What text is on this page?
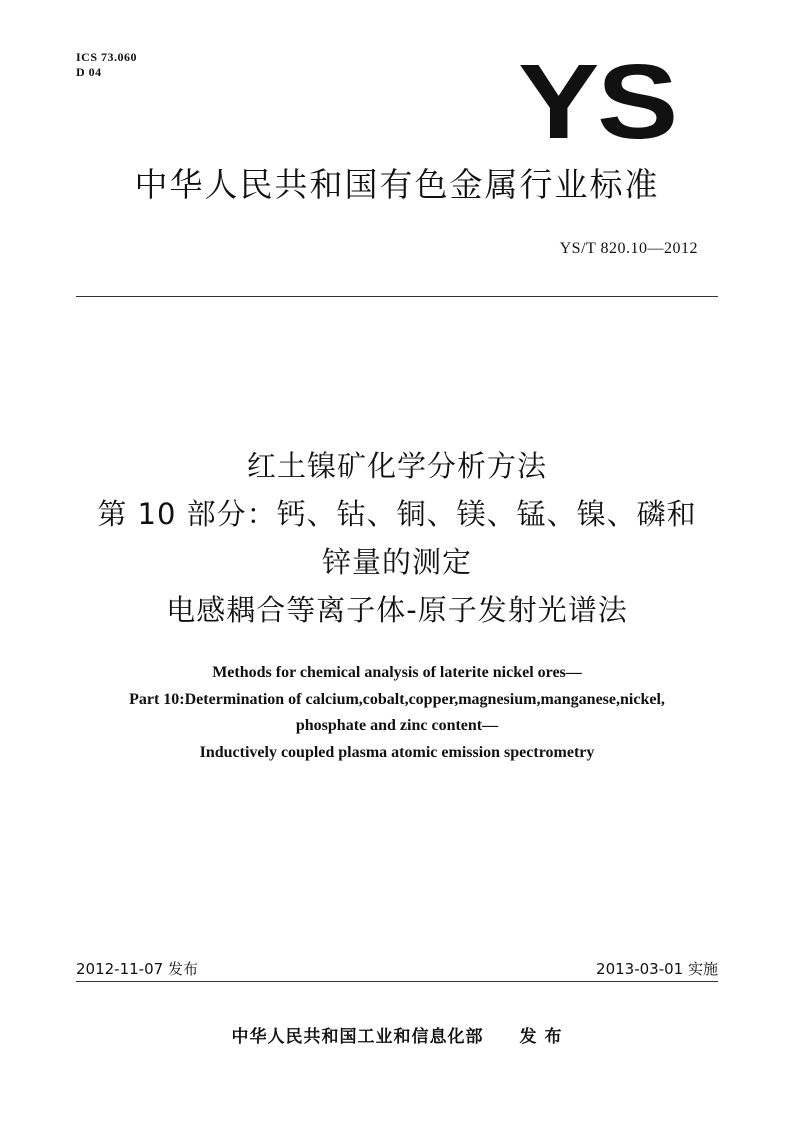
ICS 73.060
D 04	YS
中华人民共和国有色金属行业标准
YS/T 820.10—2012
红土镍矿化学分析方法
第 10 部分：钙、钴、铜、镁、锰、镍、磷和
锌量的测定
电感耦合等离子体-原子发射光谱法
Methods for chemical analysis of laterite nickel ores—
Part 10:Determination of calcium,cobalt,copper,magnesium,manganese,nickel,
phosphate and zinc content—
Inductively coupled plasma atomic emission spectrometry
2012-11-07 发布	2013-03-01 实施
中华人民共和国工业和信息化部 发 布
